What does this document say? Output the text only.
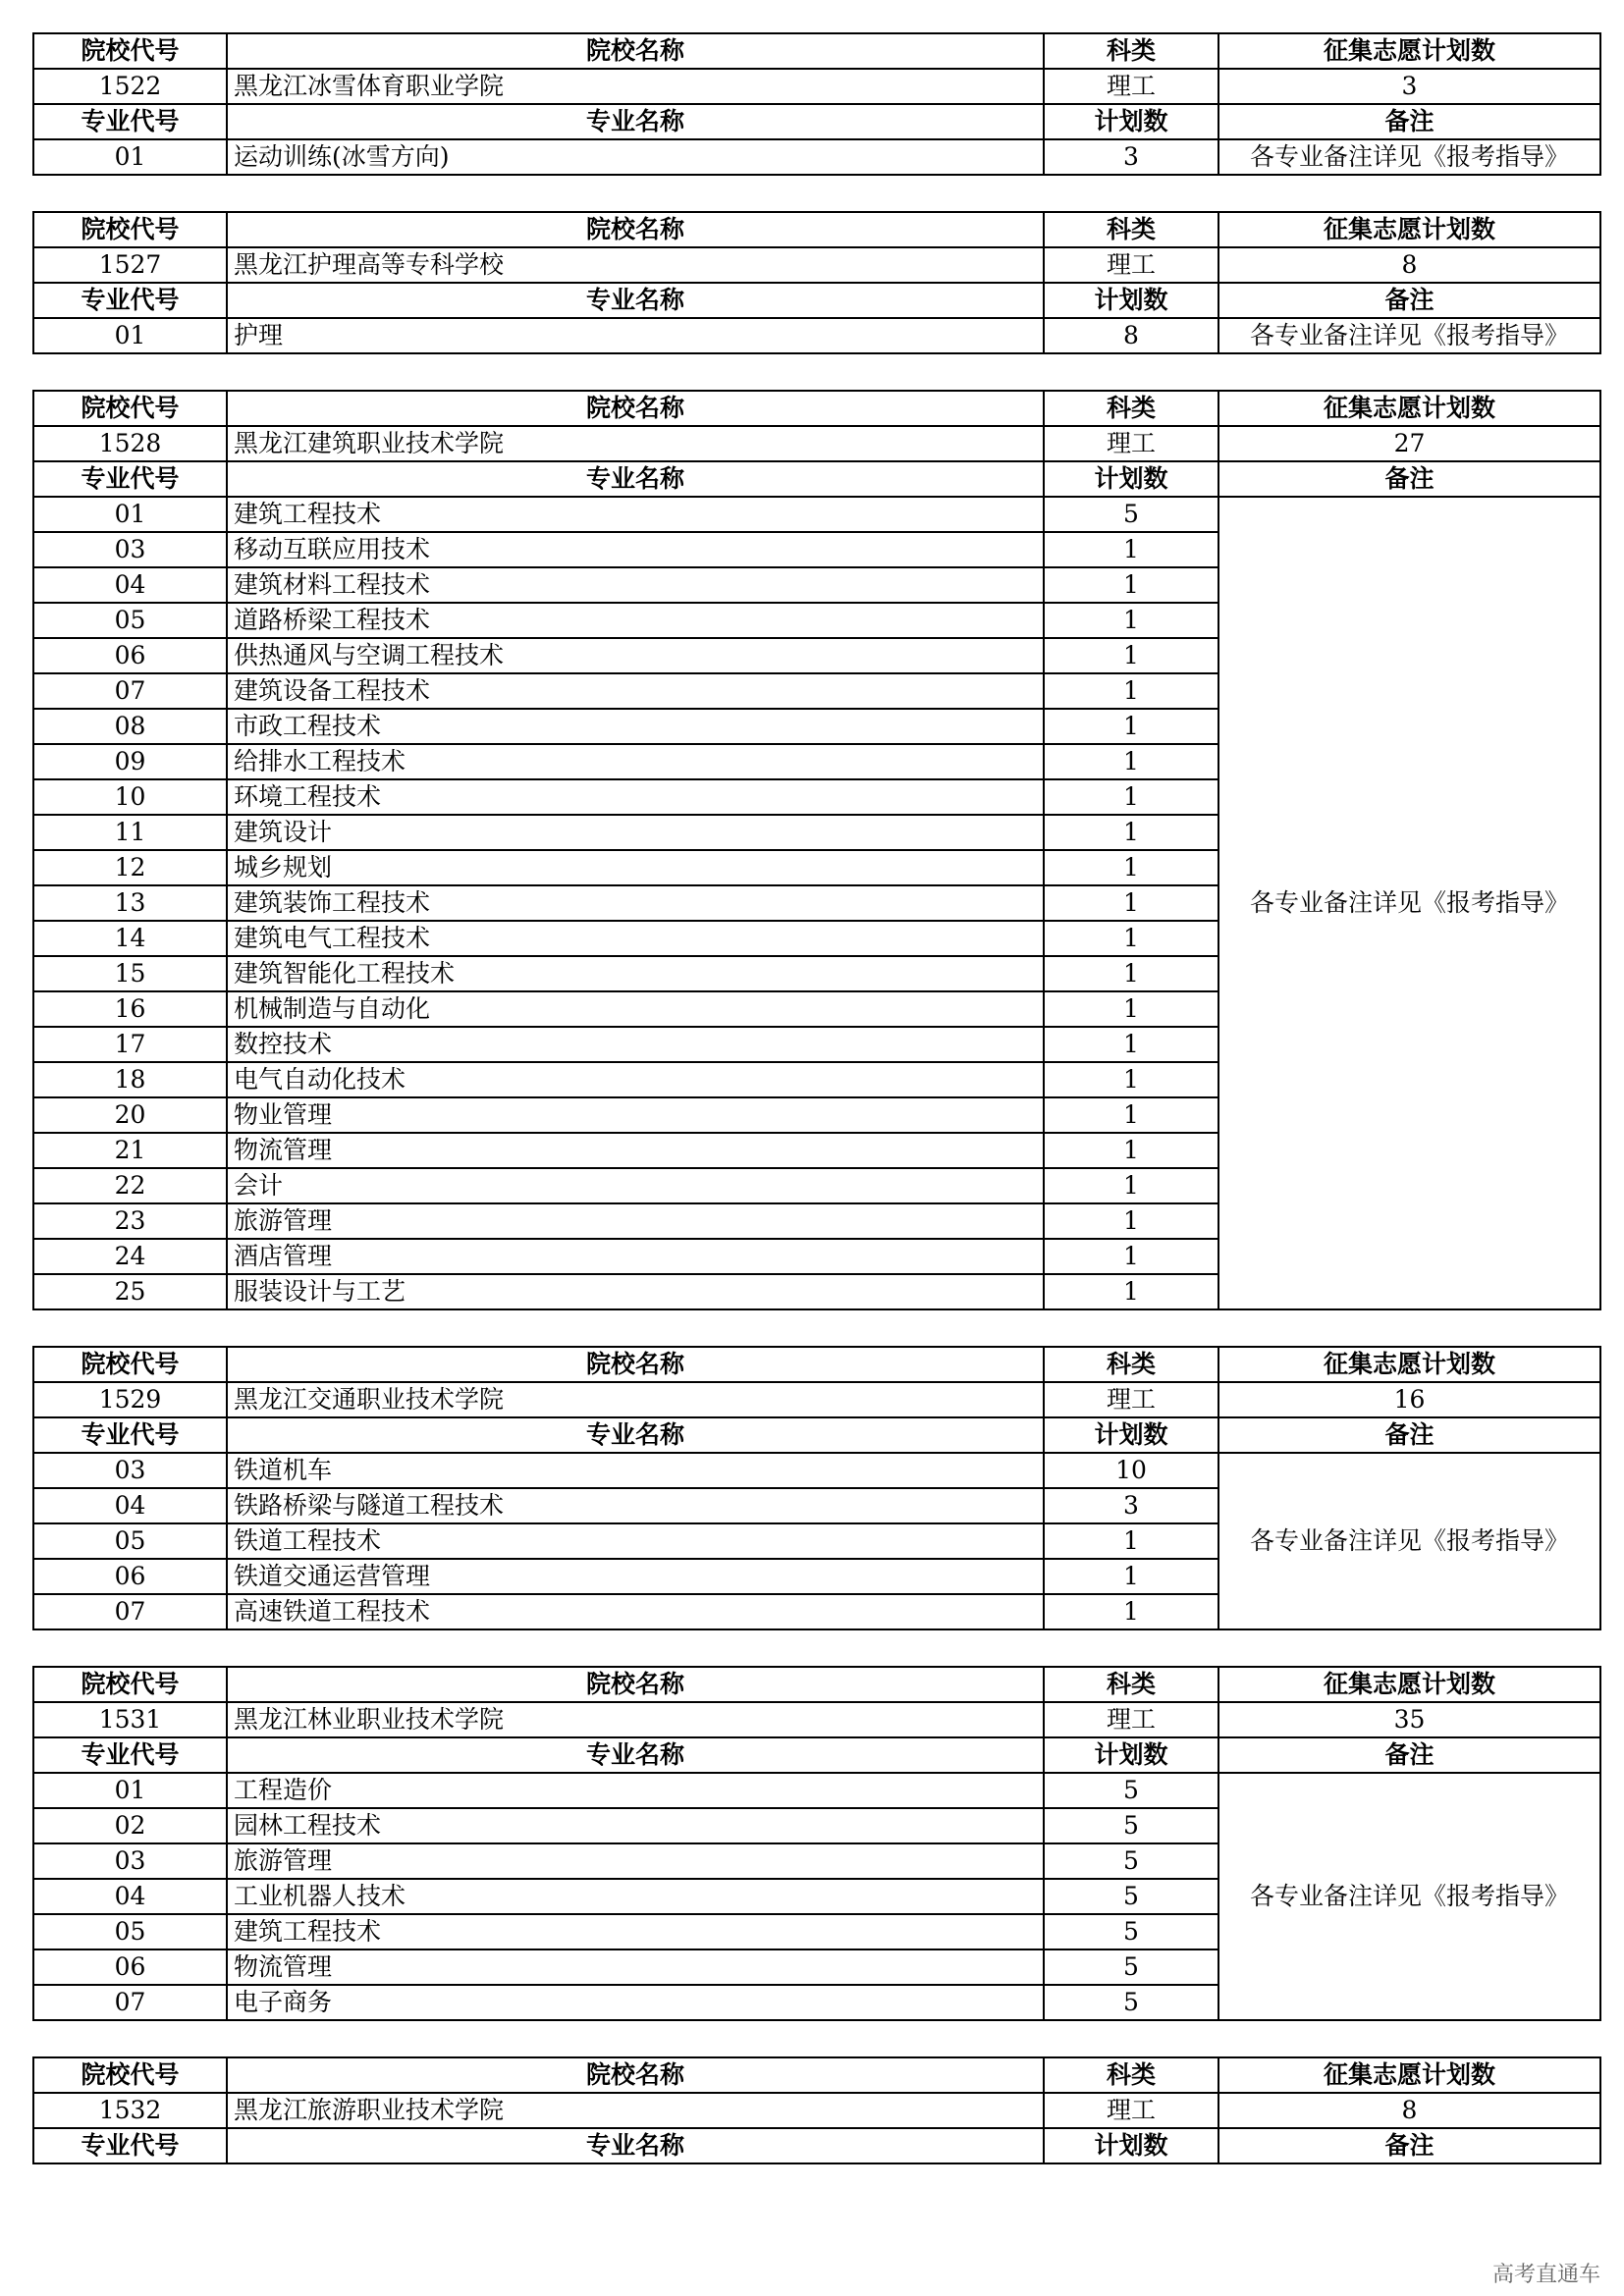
院校代号	院校名称	科类	征集志愿计划数
1522	黑龙江冰雪体育职业学院	理工	3
专业代号	专业名称	计划数	备注
01	运动训练(冰雪方向)	3	各专业备注详见《报考指导》
院校代号	院校名称	科类	征集志愿计划数
1527	黑龙江护理高等专科学校	理工	8
专业代号	专业名称	计划数	备注
01	护理	8	各专业备注详见《报考指导》
院校代号	院校名称	科类	征集志愿计划数
1528	黑龙江建筑职业技术学院	理工	27
专业代号	专业名称	计划数	备注
01	建筑工程技术	5	各专业备注详见《报考指导》
03	移动互联应用技术	1	
04	建筑材料工程技术	1	
05	道路桥梁工程技术	1	
06	供热通风与空调工程技术	1	
07	建筑设备工程技术	1	
08	市政工程技术	1	
09	给排水工程技术	1	
10	环境工程技术	1	
11	建筑设计	1	
12	城乡规划	1	
13	建筑装饰工程技术	1	
14	建筑电气工程技术	1	
15	建筑智能化工程技术	1	
16	机械制造与自动化	1	
17	数控技术	1	
18	电气自动化技术	1	
20	物业管理	1	
21	物流管理	1	
22	会计	1	
23	旅游管理	1	
24	酒店管理	1	
25	服装设计与工艺	1	
院校代号	院校名称	科类	征集志愿计划数
1529	黑龙江交通职业技术学院	理工	16
专业代号	专业名称	计划数	备注
03	铁道机车	10	各专业备注详见《报考指导》
04	铁路桥梁与隧道工程技术	3	
05	铁道工程技术	1	
06	铁道交通运营管理	1	
07	高速铁道工程技术	1	
院校代号	院校名称	科类	征集志愿计划数
1531	黑龙江林业职业技术学院	理工	35
专业代号	专业名称	计划数	备注
01	工程造价	5	各专业备注详见《报考指导》
02	园林工程技术	5	
03	旅游管理	5	
04	工业机器人技术	5	
05	建筑工程技术	5	
06	物流管理	5	
07	电子商务	5	
院校代号	院校名称	科类	征集志愿计划数
1532	黑龙江旅游职业技术学院	理工	8
专业代号	专业名称	计划数	备注
高考直通车
